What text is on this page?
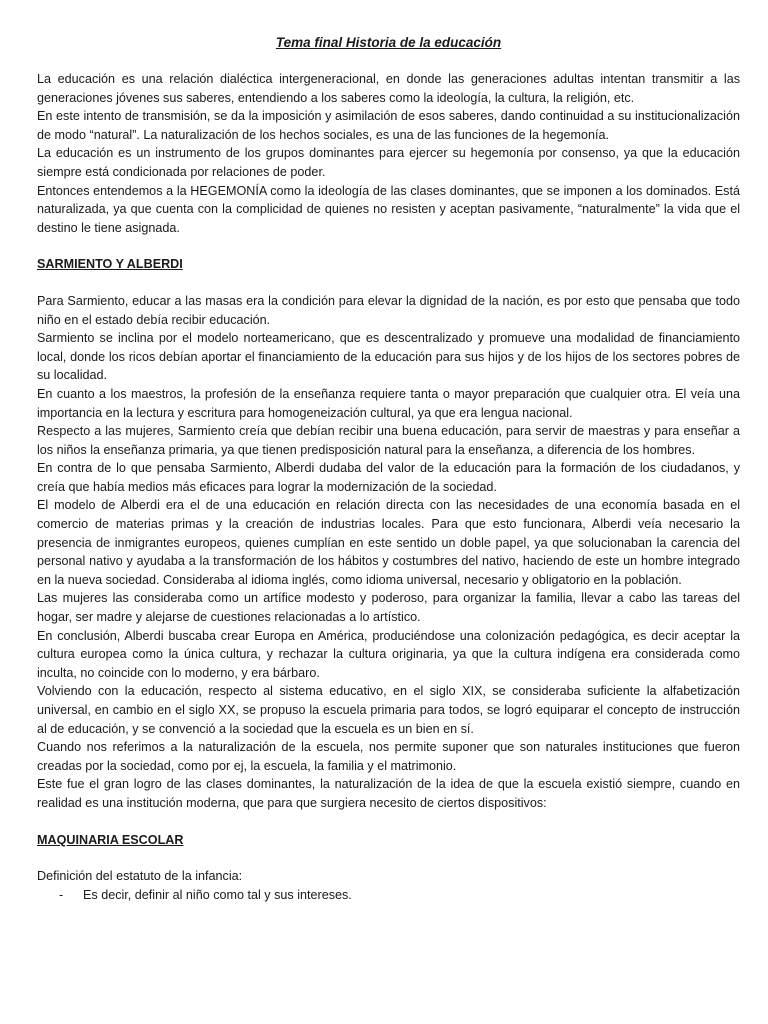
Tema final Historia de la educación

La educación es una relación dialéctica intergeneracional, en donde las generaciones adultas intentan transmitir a las generaciones jóvenes sus saberes, entendiendo a los saberes como la ideología, la cultura, la religión, etc.

En este intento de transmisión, se da la imposición y asimilación de esos saberes, dando continuidad a su institucionalización de modo “natural”. La naturalización de los hechos sociales, es una de las funciones de la hegemonía.

La educación es un instrumento de los grupos dominantes para ejercer su hegemonía por consenso, ya que la educación siempre está condicionada por relaciones de poder.

Entonces entendemos a la HEGEMONÍA como la ideología de las clases dominantes, que se imponen a los dominados. Está naturalizada, ya que cuenta con la complicidad de quienes no resisten y aceptan pasivamente, “naturalmente” la vida que el destino le tiene asignada.

SARMIENTO Y ALBERDI

Para Sarmiento, educar a las masas era la condición para elevar la dignidad de la nación, es por esto que pensaba que todo niño en el estado debía recibir educación.

Sarmiento se inclina por el modelo norteamericano, que es descentralizado y promueve una modalidad de financiamiento local, donde los ricos debían aportar el financiamiento de la educación para sus hijos y de los hijos de los sectores pobres de su localidad.

En cuanto a los maestros, la profesión de la enseñanza requiere tanta o mayor preparación que cualquier otra. El veía una importancia en la lectura y escritura para homogeneización cultural, ya que era lengua nacional.

Respecto a las mujeres, Sarmiento creía que debían recibir una buena educación, para servir de maestras y para enseñar a los niños la enseñanza primaria, ya que tienen predisposición natural para la enseñanza, a diferencia de los hombres.

En contra de lo que pensaba Sarmiento, Alberdi dudaba del valor de la educación para la formación de los ciudadanos, y creía que había medios más eficaces para lograr la modernización de la sociedad.

El modelo de Alberdi era el de una educación en relación directa con las necesidades de una economía basada en el comercio de materias primas y la creación de industrias locales. Para que esto funcionara, Alberdi veía necesario la presencia de inmigrantes europeos, quienes cumplían en este sentido un doble papel, ya que solucionaban la carencia del personal nativo y ayudaba a la transformación de los hábitos y costumbres del nativo, haciendo de este un hombre integrado en la nueva sociedad. Consideraba al idioma inglés, como idioma universal, necesario y obligatorio en la población.

Las mujeres las consideraba como un artífice modesto y poderoso, para organizar la familia, llevar a cabo las tareas del hogar, ser madre y alejarse de cuestiones relacionadas a lo artístico.

En conclusión, Alberdi buscaba crear Europa en América, produciéndose una colonización pedagógica, es decir aceptar la cultura europea como la única cultura, y rechazar la cultura originaria, ya que la cultura indígena era considerada como inculta, no coincide con lo moderno, y era bárbaro.

Volviendo con la educación, respecto al sistema educativo, en el siglo XIX, se consideraba suficiente la alfabetización universal, en cambio en el siglo XX, se propuso la escuela primaria para todos, se logró equiparar el concepto de instrucción al de educación, y se convenció a la sociedad que la escuela es un bien en sí.

Cuando nos referimos a la naturalización de la escuela, nos permite suponer que son naturales instituciones que fueron creadas por la sociedad, como por ej, la escuela, la familia y el matrimonio.

Este fue el gran logro de las clases dominantes, la naturalización de la idea de que la escuela existió siempre, cuando en realidad es una institución moderna, que para que surgiera necesito de ciertos dispositivos:

MAQUINARIA ESCOLAR

Definición del estatuto de la infancia:

-	Es decir, definir al niño como tal y sus intereses.
